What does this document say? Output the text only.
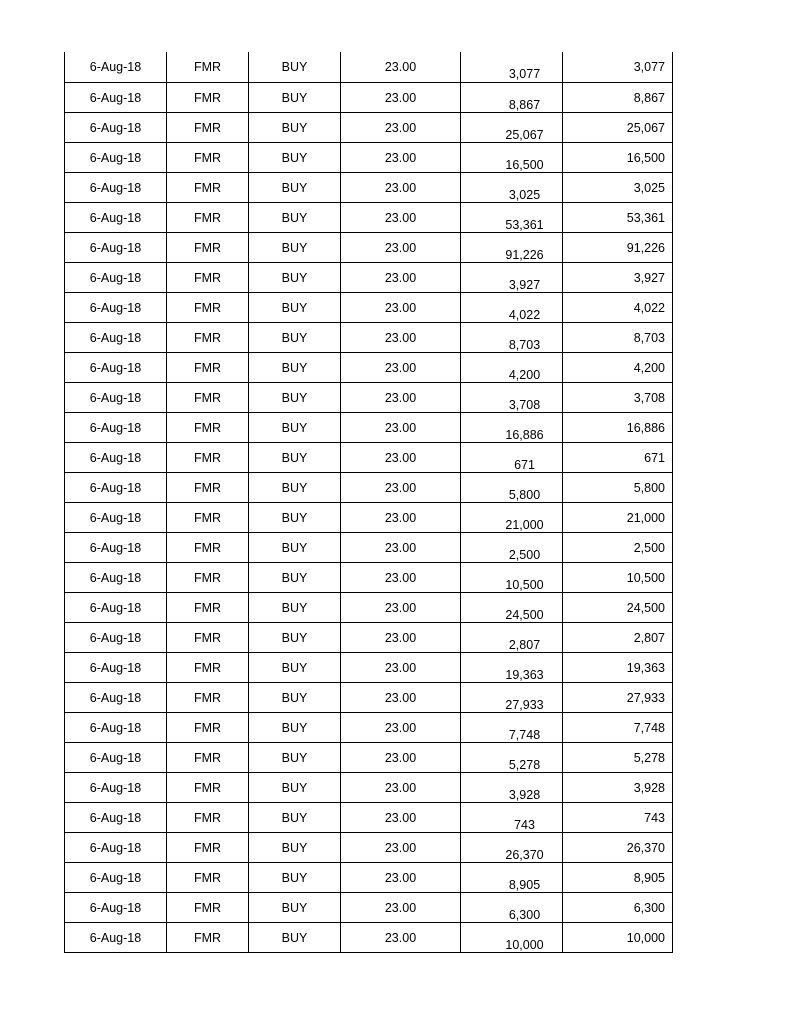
6-Aug-18	FMR	BUY	23.00	3,077	3,077

6-Aug-18	FMR	BUY	23.00	8,867	8,867

6-Aug-18	FMR	BUY	23.00	25,067	25,067

6-Aug-18	FMR	BUY	23.00	16,500	16,500

6-Aug-18	FMR	BUY	23.00	3,025	3,025

6-Aug-18	FMR	BUY	23.00	53,361	53,361

6-Aug-18	FMR	BUY	23.00	91,226	91,226

6-Aug-18	FMR	BUY	23.00	3,927	3,927

6-Aug-18	FMR	BUY	23.00	4,022	4,022

6-Aug-18	FMR	BUY	23.00	8,703	8,703

6-Aug-18	FMR	BUY	23.00	4,200	4,200

6-Aug-18	FMR	BUY	23.00	3,708	3,708

6-Aug-18	FMR	BUY	23.00	16,886	16,886

6-Aug-18	FMR	BUY	23.00	671	671

6-Aug-18	FMR	BUY	23.00	5,800	5,800

6-Aug-18	FMR	BUY	23.00	21,000	21,000

6-Aug-18	FMR	BUY	23.00	2,500	2,500

6-Aug-18	FMR	BUY	23.00	10,500	10,500

6-Aug-18	FMR	BUY	23.00	24,500	24,500

6-Aug-18	FMR	BUY	23.00	2,807	2,807

6-Aug-18	FMR	BUY	23.00	19,363	19,363

6-Aug-18	FMR	BUY	23.00	27,933	27,933

6-Aug-18	FMR	BUY	23.00	7,748	7,748

6-Aug-18	FMR	BUY	23.00	5,278	5,278

6-Aug-18	FMR	BUY	23.00	3,928	3,928

6-Aug-18	FMR	BUY	23.00	743	743

6-Aug-18	FMR	BUY	23.00	26,370	26,370

6-Aug-18	FMR	BUY	23.00	8,905	8,905

6-Aug-18	FMR	BUY	23.00	6,300	6,300

6-Aug-18	FMR	BUY	23.00	10,000	10,000
